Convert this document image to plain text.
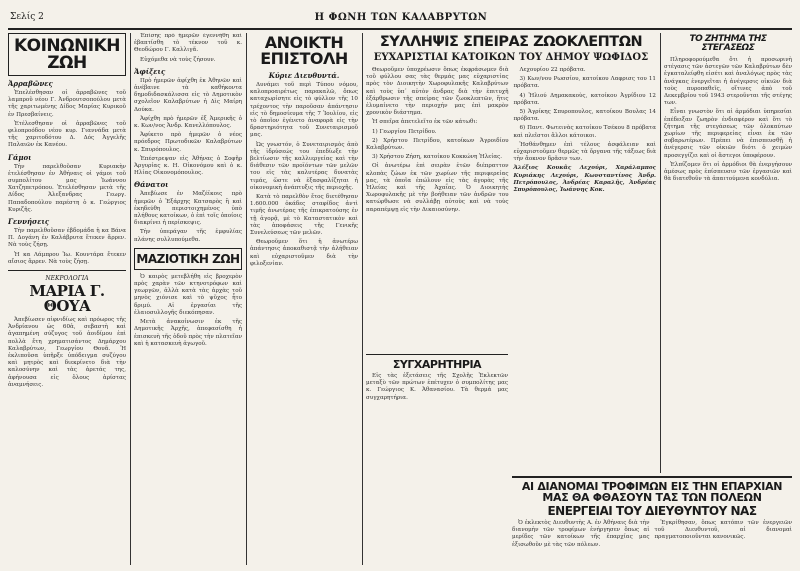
Σελίς 2	Η ΦΩΝΗ ΤΩΝ ΚΑΛΑΒΡΥΤΩΝ
ΚΟΙΝΩΝΙΚΗ ΖΩΗ
Ἀρραβῶνες

Ἐπελέσθησαν οἱ ἀρραβῶνες τοῦ λαμπροῦ νέου Γ. Ἀνδρουτσοπούλου μετὰ τῆς χαριτωμένης Δίδος Μαρίας Κυρικοῦ ἐν Πρεσβαίνεις.

Ἐτέλεσθησαν οἱ ἀρραβῶνες τοῦ φιλοπροόδου νέου κυρ. Γιαννάδα μετὰ τῆς χαριτοδότου Δ. Δός Ἀγγελῆς Παλαιῶν ἐκ Κανέου.

Γάμοι

Τὴν παρελθοῦσαν Κυριακὴν ἐτελέσθησαν ἐν Ἀθήναις οἱ γάμοι τοῦ συμπολίτου μας Ἰωάννου Χατζηπετρόπου. Ἐτελέσθησαν μετὰ τῆς Δίδος Ἀλεξανδρας Γεωργ. Παπαδοπούλου παρέστη ὁ κ. Γεώργιος Κυριζῆς.

Γεννήσεις

Τὴν παρελθοῦσαν ἑβδομάδα ἡ κα Βάνα Π. Δογάνη ἐν Καλάβρυτα ἔτεκεν ἄρρεν. Νὰ τοὺς ζήσῃ.

Ἡ κα Λάμπρου Ἰω. Κουντάρα ἔτεκεν αἴσιος ἄρρεν. Νὰ τοὺς ζήσῃ.

ΝΕΚΡΟΛΟΓΙΑ
ΜΑΡΙΑ Γ. ΘΟΥΑ

Ἀπεβίωσεν αἰφνιδίως καὶ πρόωρος τῆς Ἀνδρίανου ὡς 60ἀ, σεβαστὴ καὶ ἀγαπημένη σύζυγος τοῦ ἀοιδίμου ἐπὶ πολλὰ ἔτη χρηματισάντος Δημάρχου Καλαβρύτων, Γεωργίου Θουᾶ. Ἡ ἐκλιποῦσα ὑπῆρξε ὑπόδειγμα συζύγου καὶ μητρὸς καὶ διεκρίνετο διὰ τὴν καλοσύνην καὶ τὰς ἀρετάς της, ἀφήνουσα εἰς ὅλους ἀρίστας ἀναμνήσεις.

Ἐπίσης πρὸ ἡμερῶν ἐγεννήθη καὶ ἐβαπτίσθη τὸ τέκνον τοῦ κ. Θεοδώρου Γ. Καλλιγᾶ.

Εὐχόμεθα νὰ τοὺς ζήσουν.

Ἀφίξεις

Πρὸ ἡμερῶν ἀφίχθη ἐκ Ἀθηνῶν καὶ ἀνέβαινε τὰ καθήκοντα δημοδιδασκάλισσα εἰς τὸ Δημοτικὸν σχολεῖον Καλαβρύτων ἡ Δὶς Μαίρη Δούκα.

Ἀφίχθη πρὸ ἡμερῶν ἐξ Ἀμερικῆς ὁ κ. Κων/νος Ἀνδρ. Κανελλόπουλος.

Ἀφίκετο πρὸ ἡμερῶν ὁ νέος πρόεδρος Πρωτοδικῶν Καλαβρύτων κ. Σπυρόπουλος.

Ἐπέστρεψαν εἰς Ἀθήνας ὁ Σοφῆρ Ἀργυρίας κ. Η. Οἰκονόμου καὶ ὁ κ. Ηλίας Οἰκονομόπουλος.

Θάνατοι

Ἀπεβίωσε ἐν Μαζέϊκοις πρὸ ἡμερῶν ὁ Ἐξάρχης Κατσαρὸς ἢ καὶ ἐκηδεύθη περιστοιχημένος ὑπὸ πλήθους κατοίκων, ὁ ἐπὶ τοῖς ὁποίοις διακρίνει ἡ περίσκεψις.

Τὴν ὑπεράγαν τῆς ἐμφυλίας πλάνης συλλυπούμεθα.

ΜΑΖΙΟΤΙΚΗ ΖΩΗ

Ὁ καιρὸς μετεβλήθη εἰς βροχερὸν πρὸς χαρὰν τῶν κτηνοτρόφων καὶ γεωργῶν, ἀλλὰ κατὰ τὰς ἀρχὰς τοῦ μηνὸς χιόνισε καὶ τὸ ψῦχος ἦτο δριμύ. Αἱ ἐργασίαι τῆς ἐλαιοσυλλογῆς διεκόπησαν.

Μετὰ ἀνακοίνωσιν ἐκ τῆς Δημοτικῆς Ἀρχῆς, ἀπεφασίσθη ἡ ἐπισκευὴ τῆς ὁδοῦ πρὸς τὴν πλατεῖαν καὶ ἡ κατασκευὴ ἀγωγοῦ.

ΑΝΟΙΚΤΗ ΕΠΙΣΤΟΛΗ
Κύριε Διευθυντά.

Δυνάμει τοῦ περὶ Τύπου νόμου, καλοπροαιρέτως παρακαλῶ, ὅπως καταχωρίσητε εἰς τὸ φύλλον τῆς 10 τρέχοντος τὴν παροῦσαν ἀπάντησιν εἰς τὸ δημοσίευμα τῆς 7 Ἰουλίου, εἰς τὸ ὁποῖον ἐγένετο ἀναφορὰ εἰς τὴν δραστηριότητα τοῦ Συνεταιρισμοῦ μας.

Ὡς γνωστόν, ὁ Συνεταιρισμὸς ἀπὸ τῆς ἱδρύσεώς του ἐπεδίωξε τὴν βελτίωσιν τῆς καλλιεργείας καὶ τὴν διάθεσιν τῶν προϊόντων τῶν μελῶν του εἰς τὰς καλυτέρας δυνατὰς τιμάς, ὥστε νὰ ἐξασφαλίζηται ἡ οἰκονομικὴ ἀνάπτυξις τῆς περιοχῆς.

Κατὰ τὸ παρελθὸν ἔτος διετέθησαν 1.600.000 ὀκάδες σταφίδος ἀντὶ τιμῆς ἀνωτέρας τῆς ἐπικρατούσης ἐν τῇ ἀγορᾷ, μὲ τὸ Καταστατικὸν καὶ τὰς ἀποφάσεις τῆς Γενικῆς Συνελεύσεως τῶν μελῶν.

Θεωροῦμεν ὅτι ἡ ἀνωτέρω ἀπάντησις ἀποκαθιστᾷ τὴν ἀλήθειαν καὶ εὐχαριστοῦμεν διὰ τὴν φιλοξενίαν.

ΣΥΛΛΗΨΙΣ ΣΠΕΙΡΑΣ ΖΩΟΚΛΕΠΤΩΝ
ΕΥΧΑΡΙΣΤΙΑΙ ΚΑΤΟΙΚΩΝ ΤΟΥ ΔΗΜΟΥ ΨΩΦΙΔΟΣ

Θεωροῦμεν ὑποχρέωσιν ὅπως ἐκφράσωμεν διὰ τοῦ φύλλου σας τὰς θερμάς μας εὐχαριστίας πρὸς τὸν Διοικητὴν Χωροφυλακῆς Καλαβρύτων καὶ τοὺς ὑπ᾿ αὐτὸν ἀνδρας διὰ τὴν ἐπιτυχῆ ἐξάρθρωσιν τῆς σπείρας τῶν ζωοκλεπτῶν, ἥτις ἐλυμαίνετο τὴν περιοχήν μας ἐπὶ μακρὸν χρονικὸν διάστημα.

Ἡ σπεῖρα ἀπετελεῖτο ἐκ τῶν κάτωθι:

1) Γεωργίου Πετρίδου.

2) Χρήστου Πετρίδου, κατοίκων Ἀγροιδίου Καλαβρύτων.

3) Χρήστου Ζήση, κατοίκου Κοκκώνη Ἠλείας.

Οἱ ἀνωτέρω ἐπὶ σειρὰν ἐτῶν διέπραττον κλοπὰς ζώων ἐκ τῶν χωρίων τῆς περιφερείας μας, τὰ ὁποῖα ἐπώλουν εἰς τὰς ἀγορὰς τῆς Ἠλείας καὶ τῆς Ἀχαΐας. Ὁ Διοικητὴς Χωροφυλακῆς μὲ τὴν βοήθειαν τῶν ἀνδρῶν του κατώρθωσε νὰ συλλάβῃ αὐτοὺς καὶ νὰ τοὺς παραπέμψῃ εἰς τὴν Δικαιοσύνην.

Λεχουρίου 22 πρόβατα.

3) Κων/νου Ρωσσίου, κατοίκου Λαφρισς του 11 πρόβατα.

4) Ἠλιού Δημακακοὺς, κατοίκου Ἀγρίδιου 12 πρόβατα.

5) Ἀγρίκης Σπυροπουλος, κατοίκου Βουλας 14 πρόβατα.

6) Παντ. Φωτεινὰς κατοίκου Τσέκου 8 πρόβατα καὶ πλεῖστοι ἄλλοι κάτοικοι.

Ἠσθάνθημεν ἐπὶ τέλους ἀσφάλειαν καὶ εὐχαριστοῦμεν θερμῶς τὰ ὄργανα τῆς τάξεως διὰ τὴν ἄοκνον δρᾶσιν των.

Ἀλέξιος Κουκᾶς Λεχούρι, Χαράλαμπος Κυριάκης Λεχούρι, Κωνσταντίνος Ἀνδρ. Πετρόπουλος, Ἀνδρέας Καραλῆς, Ἀνδρέας Σπυρόπουλος, Ἰωάννης Κοκ.

ΣΥΓΧΑΡΗΤΗΡΙΑ

Εἰς τὰς ἐξετάσεις τῆς Σχολῆς Ἐκλεκτῶν μεταξὺ τῶν πρώτων ἐπέτυχεν ὁ συμπολίτης μας κ. Γεώργιος Κ. Ἀθανασίου. Τὰ θερμά μας συγχαρητήρια.

ΤΟ ΖΗΤΗΜΑ ΤΗΣ ΣΤΕΓΑΣΕΩΣ

Πληροφορούμεθα ὅτι ἡ προσωρινὴ στέγασις τῶν ἀστεγῶν τῶν Καλαβρύτων δὲν ἐγκαταλείφθη εἰσέτι καὶ ἀναλόγως πρὸς τὰς ἀνάγκας ἐνεργεῖται ἡ ἀνέγερσις οἰκιῶν διὰ τοὺς πυροπαθεῖς, οἵτινες ἀπὸ τοῦ Δεκεμβρίου τοῦ 1943 στεροῦνται τῆς στέγης των.

Εἶναι γνωστὸν ὅτι αἱ ἀρμόδιαι ὑπηρεσίαι ἐπέδειξαν ζωηρὸν ἐνδιαφέρον καὶ ὅτι τὸ ζήτημα τῆς στεγάσεως τῶν ὁλοκαύτων χωρίων τῆς περιφερείας εἶναι ἐκ τῶν σοβαρωτέρων. Πρέπει νὰ ἐπισπευσθῇ ἡ ἀνέγερσις τῶν οἰκιῶν διότι ὁ χειμὼν προσεγγίζει καὶ οἱ ἄστεγοι ὑποφέρουν.

Ἐλπίζομεν ὅτι οἱ ἁρμόδιοι θὰ ἐνεργήσουν ἀμέσως πρὸς ἐπίσπευσιν τῶν ἐργασιῶν καὶ θὰ διατεθοῦν τὰ ἀπαιτούμενα κονδύλια.

ΑΙ ΔΙΑΝΟΜΑΙ ΤΡΟΦΙΜΩΝ ΕΙΣ ΤΗΝ ΕΠΑΡΧΙΑΝ ΜΑΣ ΘΑ ΦΘΑΣΟΥΝ ΤΑΣ ΤΩΝ ΠΟΛΕΩΝ
ΕΝΕΡΓΕΙΑΙ ΤΟΥ ΔΙΕΥΘΥΝΤΟΥ ΝΑΣ

Ὁ ἐκλεκτὸς Διευθυντὴς Α. ἐν Ἀθήναις διὰ τὴν διανομὴν τῶν τροφίμων ἐνήργησεν ὅπως αἱ μερίδες τῶν κατοίκων τῆς ἐπαρχίας μας ἐξισωθοῦν μὲ τὰς τῶν πόλεων.

Ἐγκρίθησαν, ὅπως κατόπιν τῶν ἐνεργειῶν τοῦ Διευθυντοῦ, αἱ διανομαὶ πραγματοποιοῦνται κανονικῶς.
